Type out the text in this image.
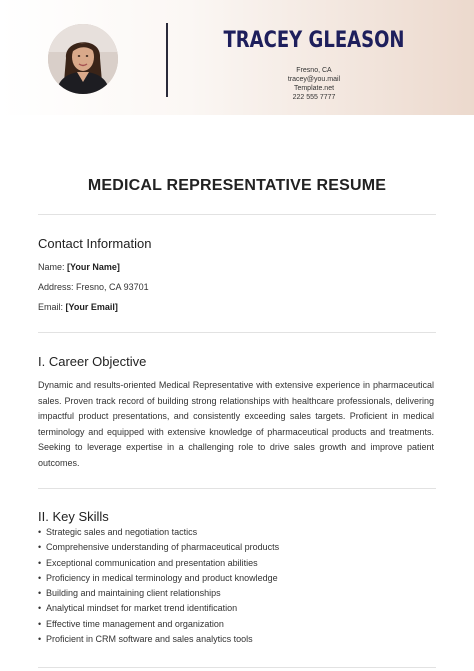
TRACEY GLEASON
Fresno, CA
tracey@you.mail
Template.net
222 555 7777
MEDICAL REPRESENTATIVE RESUME
Contact Information
Name: [Your Name]
Address: Fresno, CA 93701
Email: [Your Email]
I. Career Objective
Dynamic and results-oriented Medical Representative with extensive experience in pharmaceutical sales. Proven track record of building strong relationships with healthcare professionals, delivering impactful product presentations, and consistently exceeding sales targets. Proficient in medical terminology and equipped with extensive knowledge of pharmaceutical products and treatments. Seeking to leverage expertise in a challenging role to drive sales growth and improve patient outcomes.
II. Key Skills
• Strategic sales and negotiation tactics
• Comprehensive understanding of pharmaceutical products
• Exceptional communication and presentation abilities
• Proficiency in medical terminology and product knowledge
• Building and maintaining client relationships
• Analytical mindset for market trend identification
• Effective time management and organization
• Proficient in CRM software and sales analytics tools
